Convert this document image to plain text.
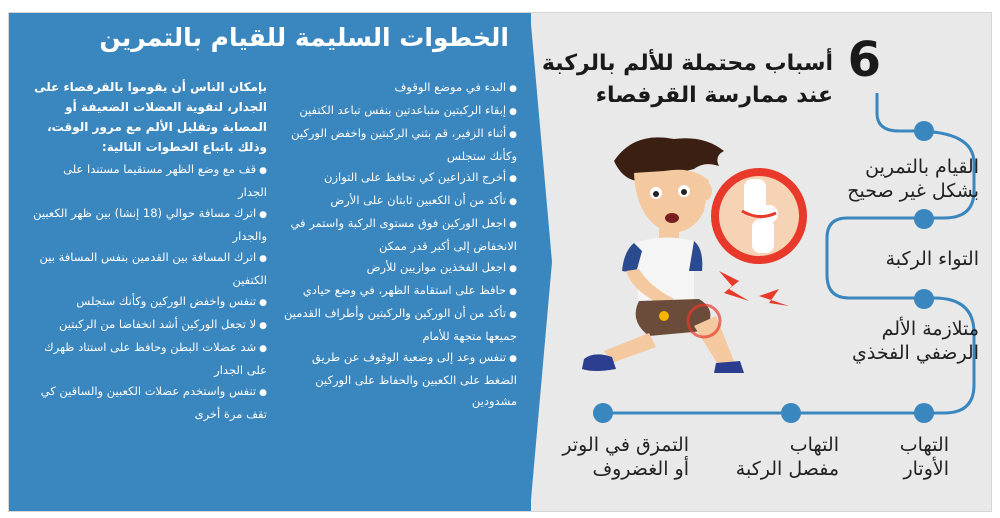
الخطوات السليمة للقيام بالتمرين

●البدء في موضع الوقوف

●إبقاء الركبتين متباعدتين بنفس تباعد الكتفين

●أثناء الزفير، قم بثني الركبتين واخفض الوركين وكأنك ستجلس

●أخرج الذراعين كي تحافظ على التوازن

●تأكد من أن الكعبين ثابتان على الأرض

●اجعل الوركين فوق مستوى الركبة واستمر في الانخفاض إلى أكبر قدر ممكن

●اجعل الفخذين موازيين للأرض

●حافظ على استقامة الظهر، في وضع حيادي

●تأكد من أن الوركين والركبتين وأطراف القدمين جميعها متجهة للأمام

●تنفس وعد إلى وضعية الوقوف عن طريق الضغط على الكعبين والحفاظ على الوركين مشدودين

بإمكان الناس أن يقوموا بالقرفصاء على الجدار، لتقوية العضلات الضعيفة أو المصابة وتقليل الألم مع مرور الوقت، وذلك باتباع الخطوات التالية:

●قف مع وضع الظهر مستقيما مستندا على الجدار

●اترك مسافة حوالي (18 إنشا) بين ظهر الكعبين والجدار

●اترك المسافة بين القدمين بنفس المسافة بين الكتفين

●تنفس واخفض الوركين وكأنك ستجلس

●لا تجعل الوركين أشد انخفاضا من الركبتين

●شد عضلات البطن وحافظ على استناد ظهرك على الجدار

●تنفس واستخدم عضلات الكعبين والساقين كي تقف مرة أخرى

6
أسباب محتملة للألم بالركبة
عند ممارسة القرفصاء
القيام بالتمرين
بشكل غير صحيح
التواء الركبة
متلازمة الألم
الرضفي الفخذي
التهاب
الأوتار
التهاب
مفصل الركبة
التمزق في الوتر
أو الغضروف
